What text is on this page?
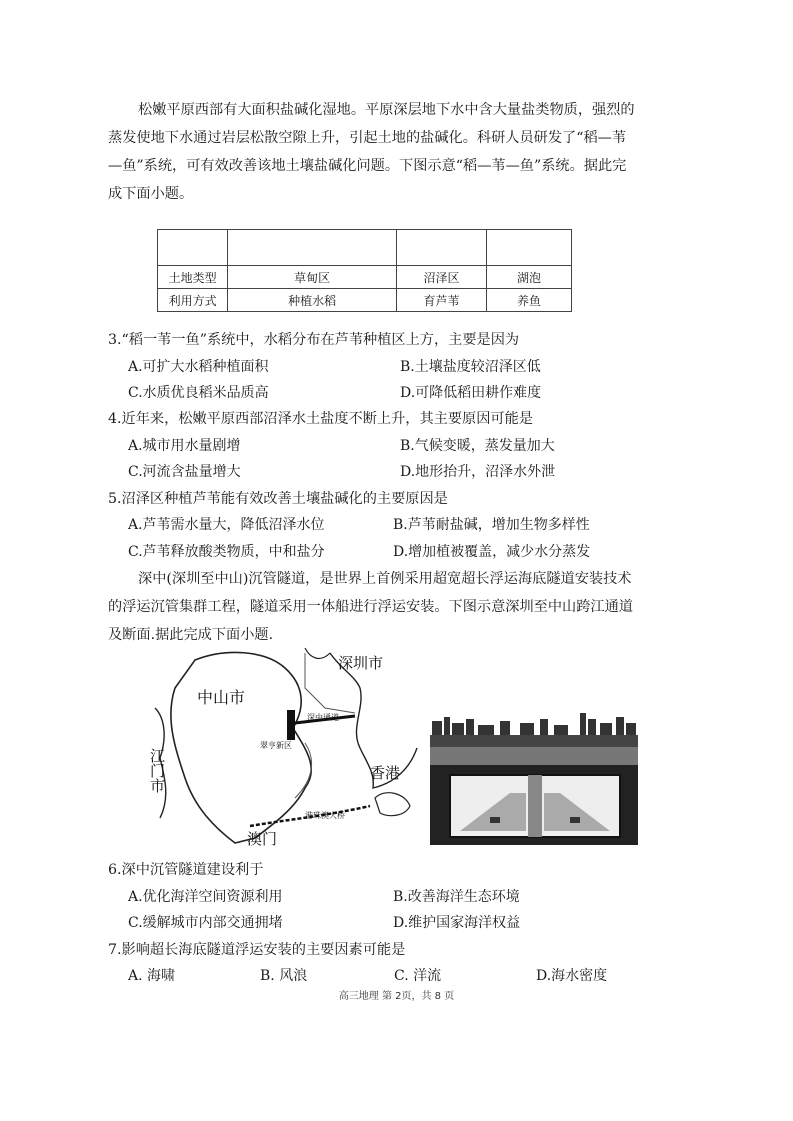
松嫩平原西部有大面积盐碱化湿地。平原深层地下水中含大量盐类物质，强烈的蒸发使地下水通过岩层松散空隙上升，引起土地的盐碱化。科研人员研发了“稻—苇—鱼”系统，可有效改善该地土壤盐碱化问题。下图示意“稻—苇—鱼”系统。据此完成下面小题。

土地类型	草甸区	沼泽区	湖泡
利用方式	种植水稻	育芦苇	养鱼
3.“稻一苇一鱼”系统中，水稻分布在芦苇种植区上方，主要是因为
A.可扩大水稻种植面积	B.土壤盐度较沼泽区低
C.水质优良稻米品质高	D.可降低稻田耕作难度
4.近年来，松嫩平原西部沼泽水土盐度不断上升，其主要原因可能是
A.城市用水量剧增	B.气候变暖，蒸发量加大
C.河流含盐量增大	D.地形抬升，沼泽水外泄
5.沼泽区种植芦苇能有效改善土壤盐碱化的主要原因是
A.芦苇需水量大，降低沼泽水位	B.芦苇耐盐碱，增加生物多样性
C.芦苇释放酸类物质，中和盐分	D.增加植被覆盖，减少水分蒸发
深中(深圳至中山)沉管隧道，是世界上首例采用超宽超长浮运海底隧道安装技术的浮运沉管集群工程，隧道采用一体船进行浮运安装。下图示意深圳至中山跨江通道及断面.据此完成下面小题.
中山市
深圳市
江门市	香港
澳门
深中通道
港珠澳大桥
翠亨新区
6.深中沉管隧道建设利于
A.优化海洋空间资源利用	B.改善海洋生态环境
C.缓解城市内部交通拥堵	D.维护国家海洋权益
7.影响超长海底隧道浮运安装的主要因素可能是
A. 海啸	B. 风浪	C. 洋流	D.海水密度
高三地理 第 2页，共 8 页
